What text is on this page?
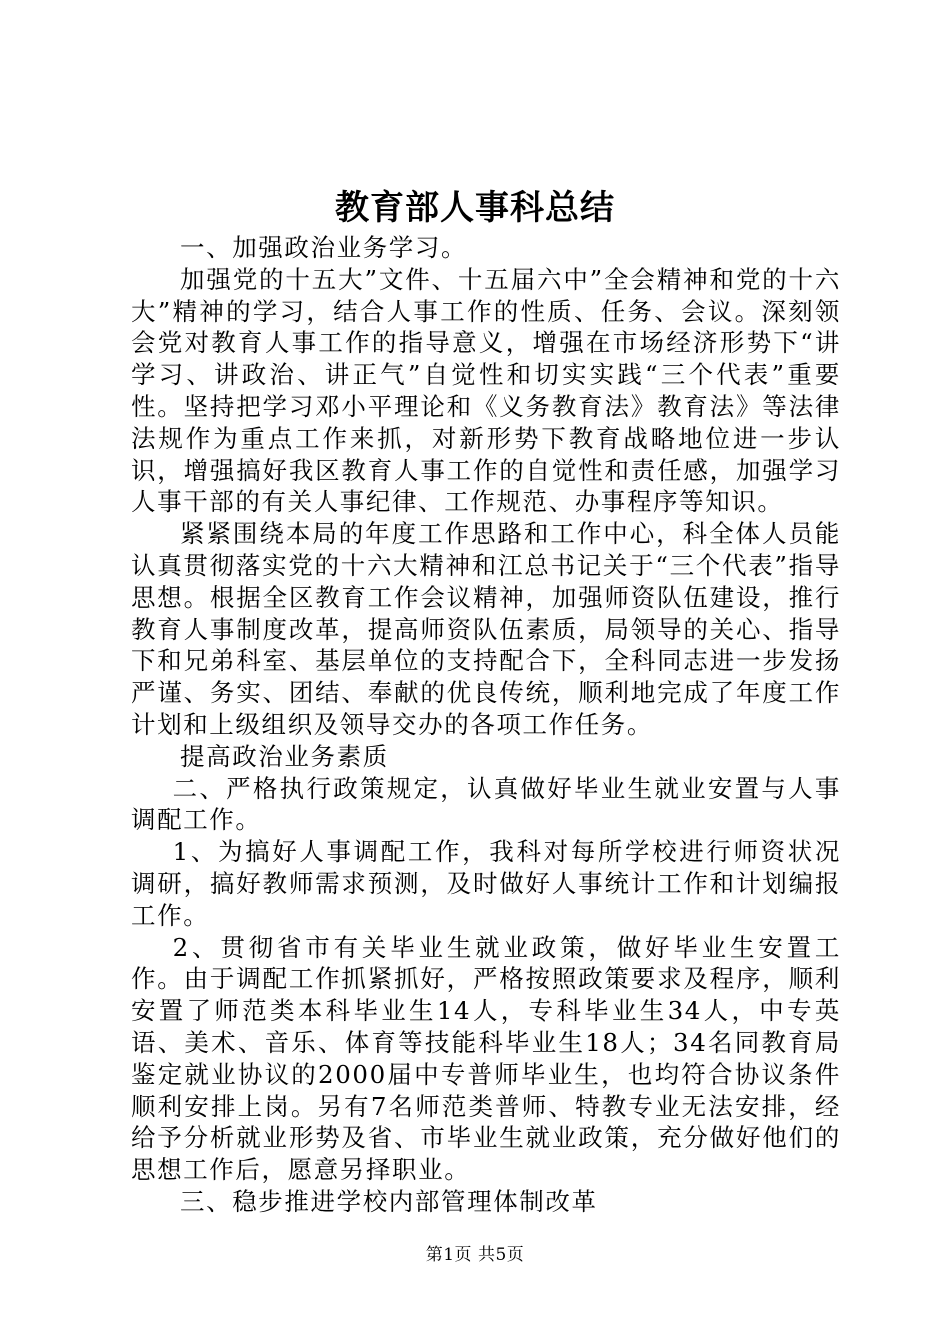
教育部人事科总结

一、加强政治业务学习。

加强党的十五大”文件、十五届六中”全会精神和党的十六大”精神的学习，结合人事工作的性质、任务、会议。深刻领会党对教育人事工作的指导意义，增强在市场经济形势下“讲学习、讲政治、讲正气”自觉性和切实实践“三个代表”重要性。坚持把学习邓小平理论和《义务教育法》教育法》等法律法规作为重点工作来抓，对新形势下教育战略地位进一步认识，增强搞好我区教育人事工作的自觉性和责任感，加强学习人事干部的有关人事纪律、工作规范、办事程序等知识。

紧紧围绕本局的年度工作思路和工作中心，科全体人员能认真贯彻落实党的十六大精神和江总书记关于“三个代表”指导思想。根据全区教育工作会议精神，加强师资队伍建设，推行教育人事制度改革，提高师资队伍素质，局领导的关心、指导下和兄弟科室、基层单位的支持配合下，全科同志进一步发扬严谨、务实、团结、奉献的优良传统，顺利地完成了年度工作计划和上级组织及领导交办的各项工作任务。

提高政治业务素质

二、严格执行政策规定，认真做好毕业生就业安置与人事调配工作。

1、为搞好人事调配工作，我科对每所学校进行师资状况调研，搞好教师需求预测，及时做好人事统计工作和计划编报工作。

2、贯彻省市有关毕业生就业政策，做好毕业生安置工作。由于调配工作抓紧抓好，严格按照政策要求及程序，顺利安置了师范类本科毕业生14人，专科毕业生34人，中专英语、美术、音乐、体育等技能科毕业生18人；34名同教育局鉴定就业协议的2000届中专普师毕业生，也均符合协议条件顺利安排上岗。另有7名师范类普师、特教专业无法安排，经给予分析就业形势及省、市毕业生就业政策，充分做好他们的思想工作后，愿意另择职业。

三、稳步推进学校内部管理体制改革

第1页 共5页
